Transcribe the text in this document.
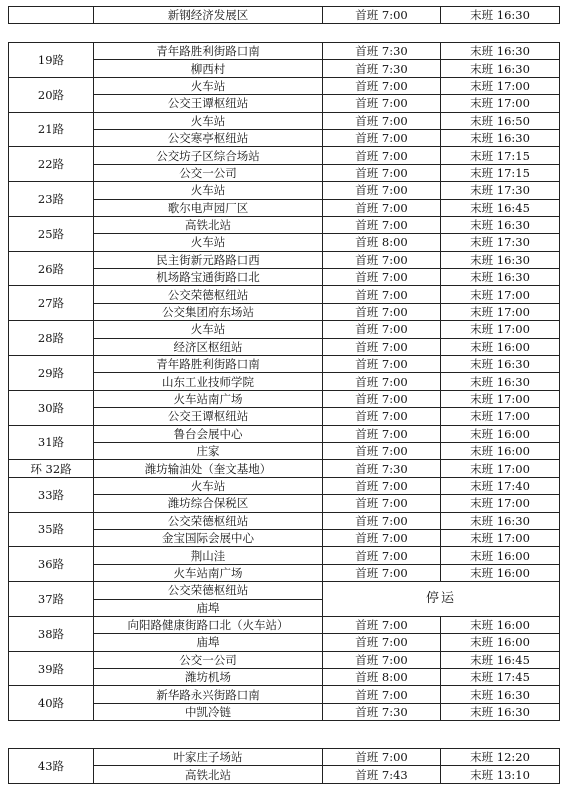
	新钢经济发展区	首班 7:00	末班 16:30
19路	青年路胜利街路口南	首班 7:30	末班 16:30
	柳西村	首班 7:30	末班 16:30
20路	火车站	首班 7:00	末班 17:00
	公交王谭枢纽站	首班 7:00	末班 17:00
21路	火车站	首班 7:00	末班 16:50
	公交寒亭枢纽站	首班 7:00	末班 16:30
22路	公交坊子区综合场站	首班 7:00	末班 17:15
	公交一公司	首班 7:00	末班 17:15
23路	火车站	首班 7:00	末班 17:30
	歌尔电声园厂区	首班 7:00	末班 16:45
25路	高铁北站	首班 7:00	末班 16:30
	火车站	首班 8:00	末班 17:30
26路	民主街新元路路口西	首班 7:00	末班 16:30
	机场路宝通街路口北	首班 7:00	末班 16:30
27路	公交荣德枢纽站	首班 7:00	末班 17:00
	公交集团府东场站	首班 7:00	末班 17:00
28路	火车站	首班 7:00	末班 17:00
	经济区枢纽站	首班 7:00	末班 16:00
29路	青年路胜利街路口南	首班 7:00	末班 16:30
	山东工业技师学院	首班 7:00	末班 16:30
30路	火车站南广场	首班 7:00	末班 17:00
	公交王谭枢纽站	首班 7:00	末班 17:00
31路	鲁台会展中心	首班 7:00	末班 16:00
	庄家	首班 7:00	末班 16:00
环 32路	潍坊输油处（奎文基地）	首班 7:30	末班 17:00
33路	火车站	首班 7:00	末班 17:40
	潍坊综合保税区	首班 7:00	末班 17:00
35路	公交荣德枢纽站	首班 7:00	末班 16:30
	金宝国际会展中心	首班 7:00	末班 17:00
36路	荆山洼	首班 7:00	末班 16:00
	火车站南广场	首班 7:00	末班 16:00
37路	公交荣德枢纽站	停运	
	庙埠		
38路	向阳路健康街路口北（火车站）	首班 7:00	末班 16:00
	庙埠	首班 7:00	末班 16:00
39路	公交一公司	首班 7:00	末班 16:45
	潍坊机场	首班 8:00	末班 17:45
40路	新华路永兴街路口南	首班 7:00	末班 16:30
	中凯冷链	首班 7:30	末班 16:30
43路	叶家庄子场站	首班 7:00	末班 12:20
	高铁北站	首班 7:43	末班 13:10
